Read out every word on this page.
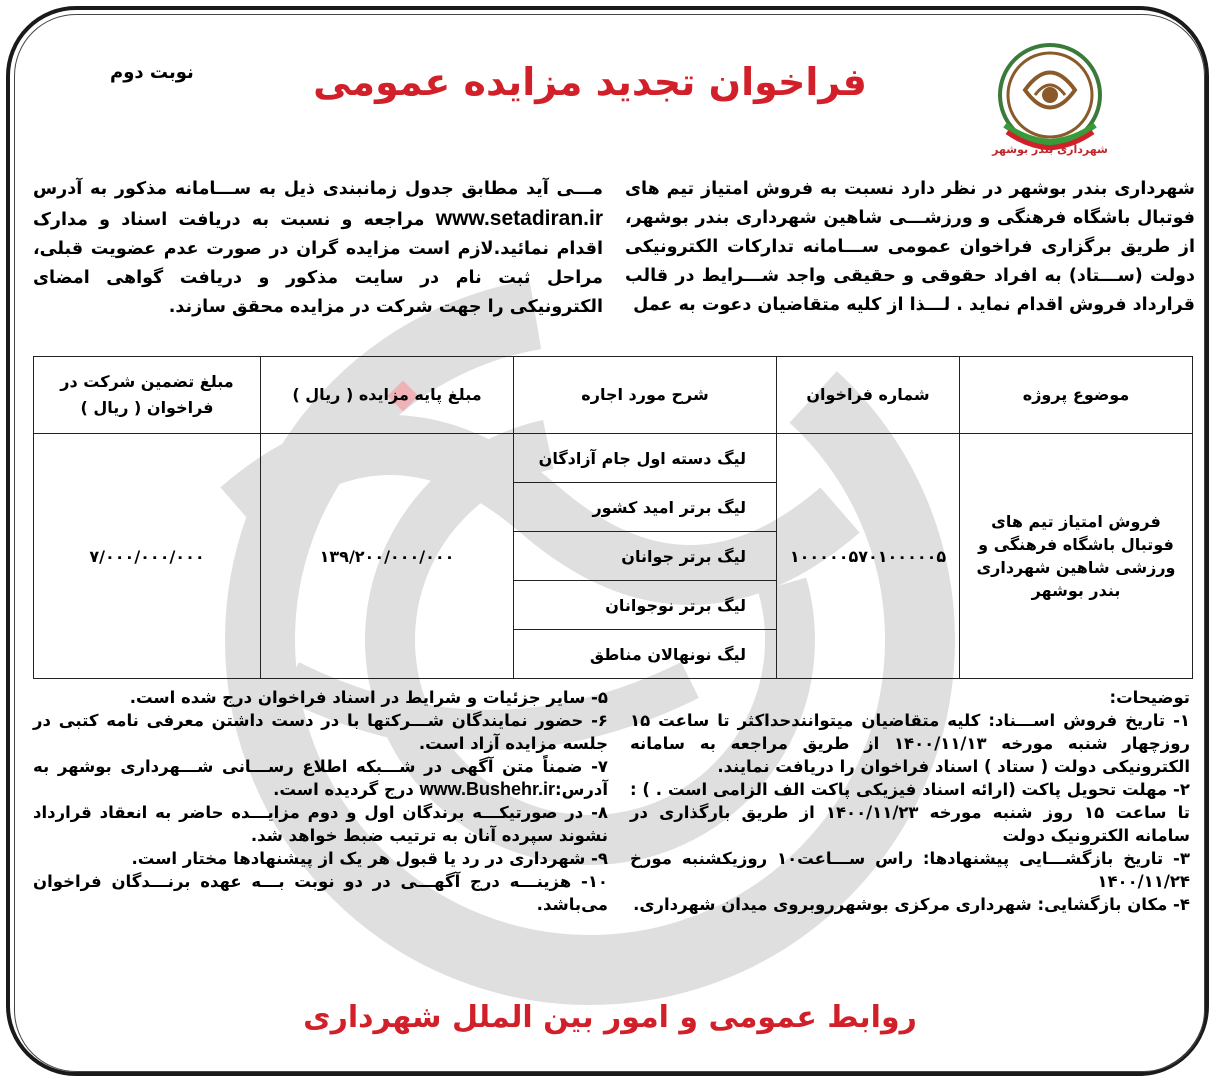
فراخوان تجدید مزایده عمومی
نوبت دوم
شهرداری بندر بوشهر
شهرداری بندر بوشهر در نظر دارد نسبت به فروش امتیاز تیم های فوتبال باشگاه فرهنگی و ورزشـــی شاهین شهرداری بندر بوشهر، از طریق برگزاری فراخوان عمومی ســـامانه تدارکات الکترونیکی دولت (ســـتاد) به افراد حقوقی و حقیقی واجد شـــرایط در قالب قرارداد فروش اقدام نماید . لـــذا از کلیه متقاضیان دعوت به عمل
مـــی آید مطابق جدول زمانبندی ذیل به ســـامانه مذکور به آدرس www.setadiran.ir مراجعه و نسبت به دریافت اسناد و مدارک اقدام نمائید.لازم است مزایده گران در صورت عدم عضویت قبلی، مراحل ثبت نام در سایت مذکور و دریافت گواهی امضای الکترونیکی را جهت شرکت در مزایده محقق سازند.
موضوع پروژه	شماره فراخوان	شرح مورد اجاره	مبلغ پایه مزایده ( ریال )	مبلغ تضمین شرکت در فراخوان ( ریال )
فروش امتیاز تیم های فوتبال باشگاه فرهنگی و ورزشی شاهین شهرداری بندر بوشهر	۱۰۰۰۰۰۵۷۰۱۰۰۰۰۰۵	لیگ دسته اول جام آزادگان	۱۳۹/۲۰۰/۰۰۰/۰۰۰	۷/۰۰۰/۰۰۰/۰۰۰
		لیگ برتر امید کشور		
		لیگ برتر جوانان		
		لیگ برتر نوجوانان		
		لیگ نونهالان مناطق		

توضیحات:

۱- تاریخ فروش اســـناد: کلیه متقاضیان میتوانندحداکثر تا ساعت ۱۵ روزچهار شنبه مورخه ۱۴۰۰/۱۱/۱۳ از طریق مراجعه به سامانه الکترونیکی دولت ( ستاد ) اسناد فراخوان را دریافت نمایند.

۲- مهلت تحویل پاکت (ارائه اسناد فیزیکی پاکت الف الزامی است . ) : تا ساعت ۱۵ روز شنبه مورخه ۱۴۰۰/۱۱/۲۳ از طریق بارگذاری در سامانه الکترونیک دولت

۳- تاریخ بازگشـــایی پیشنهادها: راس ســـاعت۱۰ روزیکشنبه مورخ ۱۴۰۰/۱۱/۲۴

۴- مکان بازگشایی: شهرداری مرکزی بوشهرروبروی میدان شهرداری.

۵- سایر جزئیات و شرایط در اسناد فراخوان درج شده است.

۶- حضور نمایندگان شـــرکتها با در دست داشتن معرفی نامه کتبی در جلسه مزایده آزاد است.

۷- ضمناً متن آگهی در شـــبکه اطلاع رســـانی شـــهرداری بوشهر به آدرس:www.Bushehr.ir درج گردیده است.

۸- در صورتیکـــه برندگان اول و دوم مزایـــده حاضر به انعقاد قرارداد نشوند سپرده آنان به ترتیب ضبط خواهد شد.

۹- شهرداری در رد یا قبول هر یک از پیشنهادها مختار است.

۱۰- هزینـــه درج آگهـــی در دو نوبت بـــه عهده برنـــدگان فراخوان می‌باشد.

روابط عمومی و امور بین الملل شهرداری
